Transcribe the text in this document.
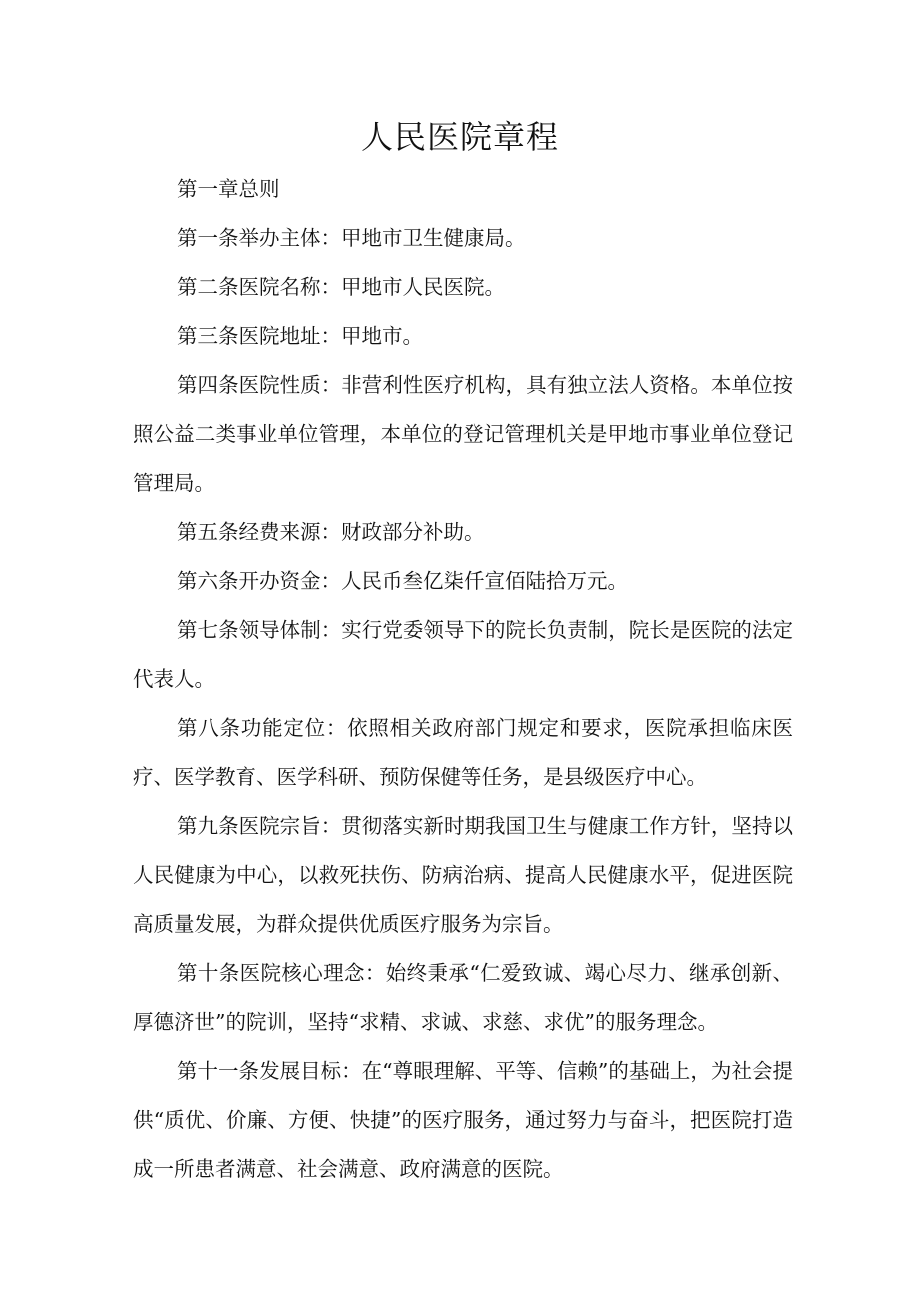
人民医院章程

第一章总则

第一条举办主体：甲地市卫生健康局。

第二条医院名称：甲地市人民医院。

第三条医院地址：甲地市。

第四条医院性质：非营利性医疗机构，具有独立法人资格。本单位按照公益二类事业单位管理，本单位的登记管理机关是甲地市事业单位登记管理局。

第五条经费来源：财政部分补助。

第六条开办资金：人民币叁亿柒仟宣佰陆拾万元。

第七条领导体制：实行党委领导下的院长负责制，院长是医院的法定代表人。

第八条功能定位：依照相关政府部门规定和要求，医院承担临床医疗、医学教育、医学科研、预防保健等任务，是县级医疗中心。

第九条医院宗旨：贯彻落实新时期我国卫生与健康工作方针，坚持以人民健康为中心，以救死扶伤、防病治病、提高人民健康水平，促进医院高质量发展，为群众提供优质医疗服务为宗旨。

第十条医院核心理念：始终秉承“仁爱致诚、竭心尽力、继承创新、厚德济世”的院训，坚持“求精、求诚、求慈、求优”的服务理念。

第十一条发展目标：在“尊眼理解、平等、信赖”的基础上，为社会提供“质优、价廉、方便、快捷”的医疗服务，通过努力与奋斗，把医院打造成一所患者满意、社会满意、政府满意的医院。
